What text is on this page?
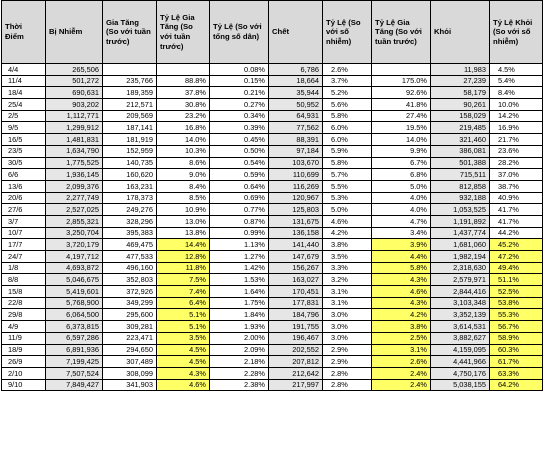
Thời Điểm	Bị Nhiễm	Gia Tăng (So với tuần trước)	Tỷ Lệ Gia Tăng (So với tuần trước)	Tỷ Lệ (So với tổng số dân)	Chết	Tỷ Lệ (So với số nhiễm)	Tỷ Lệ Gia Tăng (So với tuần trước)	Khỏi	Tỷ Lệ Khỏi (So với số nhiễm)
4/4	265,506			0.08%	6,786	2.6%		11,983	4.5%
11/4	501,272	235,766	88.8%	0.15%	18,664	3.7%	175.0%	27,239	5.4%
18/4	690,631	189,359	37.8%	0.21%	35,944	5.2%	92.6%	58,179	8.4%
25/4	903,202	212,571	30.8%	0.27%	50,952	5.6%	41.8%	90,261	10.0%
2/5	1,112,771	209,569	23.2%	0.34%	64,931	5.8%	27.4%	158,029	14.2%
9/5	1,299,912	187,141	16.8%	0.39%	77,562	6.0%	19.5%	219,485	16.9%
16/5	1,481,831	181,919	14.0%	0.45%	88,391	6.0%	14.0%	321,460	21.7%
23/5	1,634,790	152,959	10.3%	0.50%	97,184	5.9%	9.9%	386,081	23.6%
30/5	1,775,525	140,735	8.6%	0.54%	103,670	5.8%	6.7%	501,388	28.2%
6/6	1,936,145	160,620	9.0%	0.59%	110,699	5.7%	6.8%	715,511	37.0%
13/6	2,099,376	163,231	8.4%	0.64%	116,269	5.5%	5.0%	812,858	38.7%
20/6	2,277,749	178,373	8.5%	0.69%	120,967	5.3%	4.0%	932,188	40.9%
27/6	2,527,025	249,276	10.9%	0.77%	125,803	5.0%	4.0%	1,053,525	41.7%
3/7	2,855,321	328,296	13.0%	0.87%	131,675	4.6%	4.7%	1,191,892	41.7%
10/7	3,250,704	395,383	13.8%	0.99%	136,158	4.2%	3.4%	1,437,774	44.2%
17/7	3,720,179	469,475	14.4%	1.13%	141,440	3.8%	3.9%	1,681,060	45.2%
24/7	4,197,712	477,533	12.8%	1.27%	147,679	3.5%	4.4%	1,982,194	47.2%
1/8	4,693,872	496,160	11.8%	1.42%	156,267	3.3%	5.8%	2,318,630	49.4%
8/8	5,046,675	352,803	7.5%	1.53%	163,027	3.2%	4.3%	2,579,971	51.1%
15/8	5,419,601	372,926	7.4%	1.64%	170,451	3.1%	4.6%	2,844,416	52.5%
22/8	5,768,900	349,299	6.4%	1.75%	177,831	3.1%	4.3%	3,103,348	53.8%
29/8	6,064,500	295,600	5.1%	1.84%	184,796	3.0%	4.2%	3,352,139	55.3%
4/9	6,373,815	309,281	5.1%	1.93%	191,755	3.0%	3.8%	3,614,531	56.7%
11/9	6,597,286	223,471	3.5%	2.00%	196,467	3.0%	2.5%	3,882,627	58.9%
18/9	6,891,936	294,650	4.5%	2.09%	202,552	2.9%	3.1%	4,159,095	60.3%
26/9	7,199,425	307,489	4.5%	2.18%	207,812	2.9%	2.6%	4,441,966	61.7%
2/10	7,507,524	308,099	4.3%	2.28%	212,642	2.8%	2.4%	4,750,176	63.3%
9/10	7,849,427	341,903	4.6%	2.38%	217,997	2.8%	2.4%	5,038,155	64.2%
